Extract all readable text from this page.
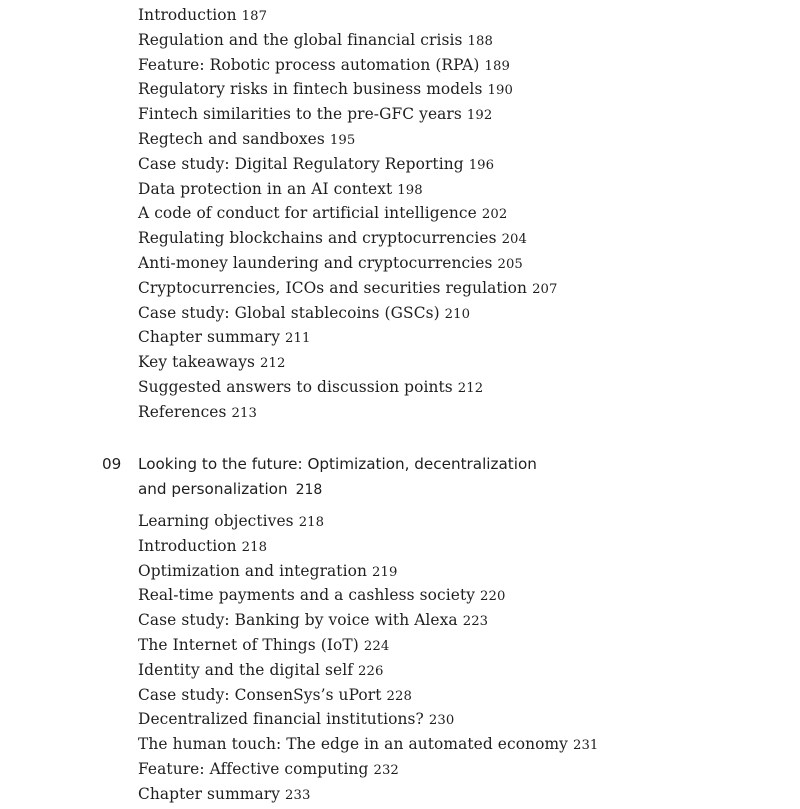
Introduction 187
Regulation and the global financial crisis 188
Feature: Robotic process automation (RPA) 189
Regulatory risks in fintech business models 190
Fintech similarities to the pre-GFC years 192
Regtech and sandboxes 195
Case study: Digital Regulatory Reporting 196
Data protection in an AI context 198
A code of conduct for artificial intelligence 202
Regulating blockchains and cryptocurrencies 204
Anti-money laundering and cryptocurrencies 205
Cryptocurrencies, ICOs and securities regulation 207
Case study: Global stablecoins (GSCs) 210
Chapter summary 211
Key takeaways 212
Suggested answers to discussion points 212
References 213
09 Looking to the future: Optimization, decentralization
and personalization 218
Learning objectives 218
Introduction 218
Optimization and integration 219
Real-time payments and a cashless society 220
Case study: Banking by voice with Alexa 223
The Internet of Things (IoT) 224
Identity and the digital self 226
Case study: ConsenSys’s uPort 228
Decentralized financial institutions? 230
The human touch: The edge in an automated economy 231
Feature: Affective computing 232
Chapter summary 233
